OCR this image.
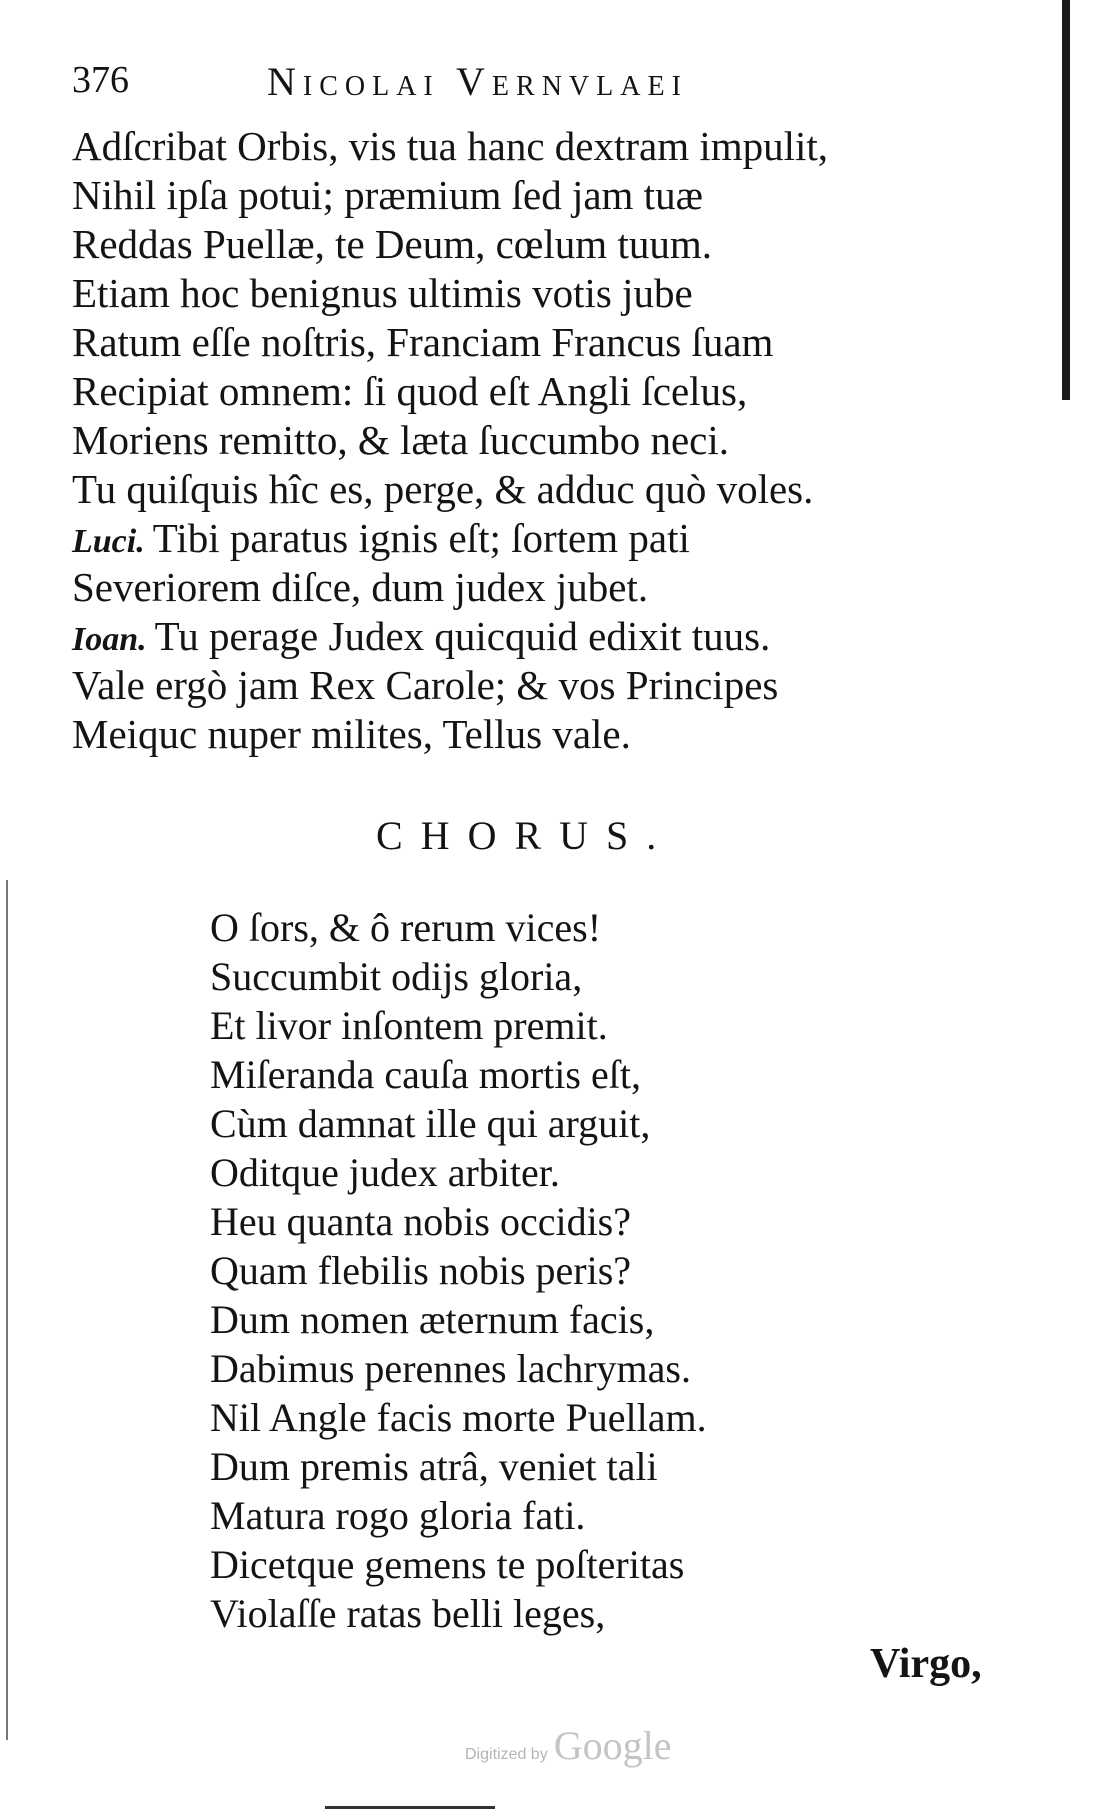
376	Nicolai Vernvlaei
Adſcribat Orbis, vis tua hanc dextram impulit,
Nihil ipſa potui; præmium ſed jam tuæ
Reddas Puellæ, te Deum, cœlum tuum.
Etiam hoc benignus ultimis votis jube
Ratum eſſe noſtris, Franciam Francus ſuam
Recipiat omnem: ſi quod eſt Angli ſcelus,
Moriens remitto, & læta ſuccumbo neci.
Tu quiſquis hîc es, perge, & adduc quò voles.
Luci. Tibi paratus ignis eſt; ſortem pati
Severiorem diſce, dum judex jubet.
Ioan. Tu perage Judex quicquid edixit tuus.
Vale ergò jam Rex Carole; & vos Principes
Meiquc nuper milites, Tellus vale.
CHORUS.
O ſors, & ô rerum vices!
Succumbit odijs gloria,
Et livor inſontem premit.
Miſeranda cauſa mortis eſt,
Cùm damnat ille qui arguit,
Oditque judex arbiter.
Heu quanta nobis occidis?
Quam flebilis nobis peris?
Dum nomen æternum facis,
Dabimus perennes lachrymas.
Nil Angle facis morte Puellam.
Dum premis atrâ, veniet tali
Matura rogo gloria fati.
Dicetque gemens te poſteritas
Violaſſe ratas belli leges,
Virgo,
Digitized by Google
